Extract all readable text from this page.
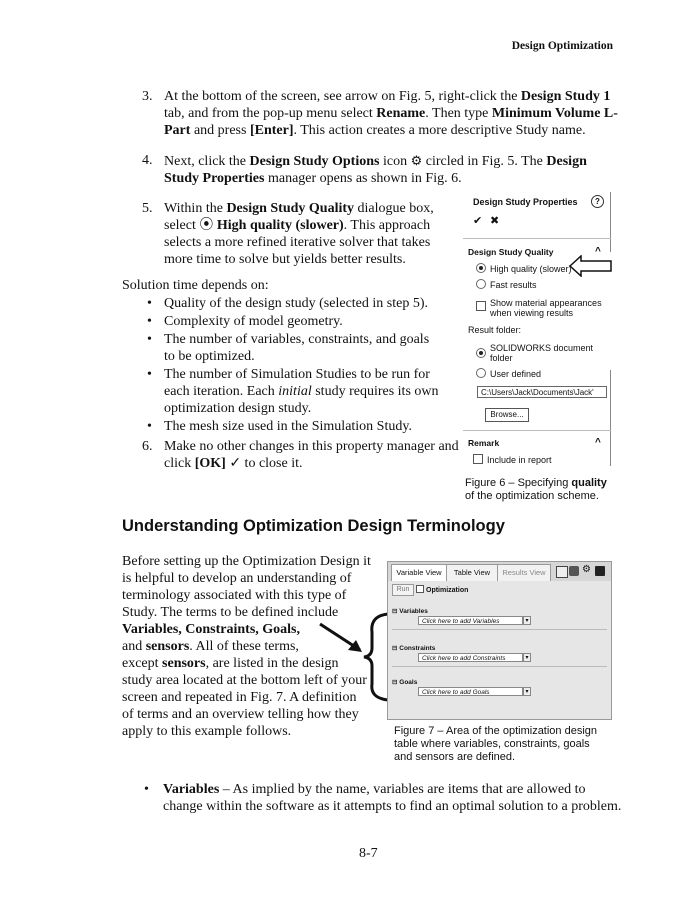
Design Optimization
3. At the bottom of the screen, see arrow on Fig. 5, right-click the Design Study 1
tab, and from the pop-up menu select Rename. Then type Minimum Volume L-
Part and press [Enter]. This action creates a more descriptive Study name.
4. Next, click the Design Study Options icon ⚙ circled in Fig. 5. The Design
Study Properties manager opens as shown in Fig. 6.
5. Within the Design Study Quality dialogue box,
select ⦿ High quality (slower). This approach
selects a more refined iterative solver that takes
more time to solve but yields better results.
Solution time depends on:
• Quality of the design study (selected in step 5).
• Complexity of model geometry.
• The number of variables, constraints, and goals to be optimized.
• The number of Simulation Studies to be run for each iteration. Each initial study requires its own optimization design study.
• The mesh size used in the Simulation Study.
6. Make no other changes in this property manager and
click [OK] ✓ to close it.
Design Study Properties	?
✔ ✖
Design Study Quality	^
High quality (slower)
Fast results
Show material appearances when viewing results
Result folder:
SOLIDWORKS document folder
User defined
C:\Users\Jack\Documents\Jack'
Browse...
Remark	^
Include in report
Figure 6 – Specifying quality
of the optimization scheme.
Understanding Optimization Design Terminology
Before setting up the Optimization Design it
is helpful to develop an understanding of
terminology associated with this type of
Study. The terms to be defined include
Variables, Constraints, Goals,
and sensors. All of these terms,
except sensors, are listed in the design
study area located at the bottom left of your
screen and repeated in Fig. 7. A definition
of terms and an overview telling how they
apply to this example follows.
Variable View	Table View	Results View	⚙
Run	Optimization
⊟ Variables
Click here to add Variables	▾
⊟ Constraints
Click here to add Constraints	▾
⊟ Goals
Click here to add Goals	▾
Figure 7 – Area of the optimization design
table where variables, constraints, goals
and sensors are defined.
• Variables – As implied by the name, variables are items that are allowed to
change within the software as it attempts to find an optimal solution to a problem.
8-7
